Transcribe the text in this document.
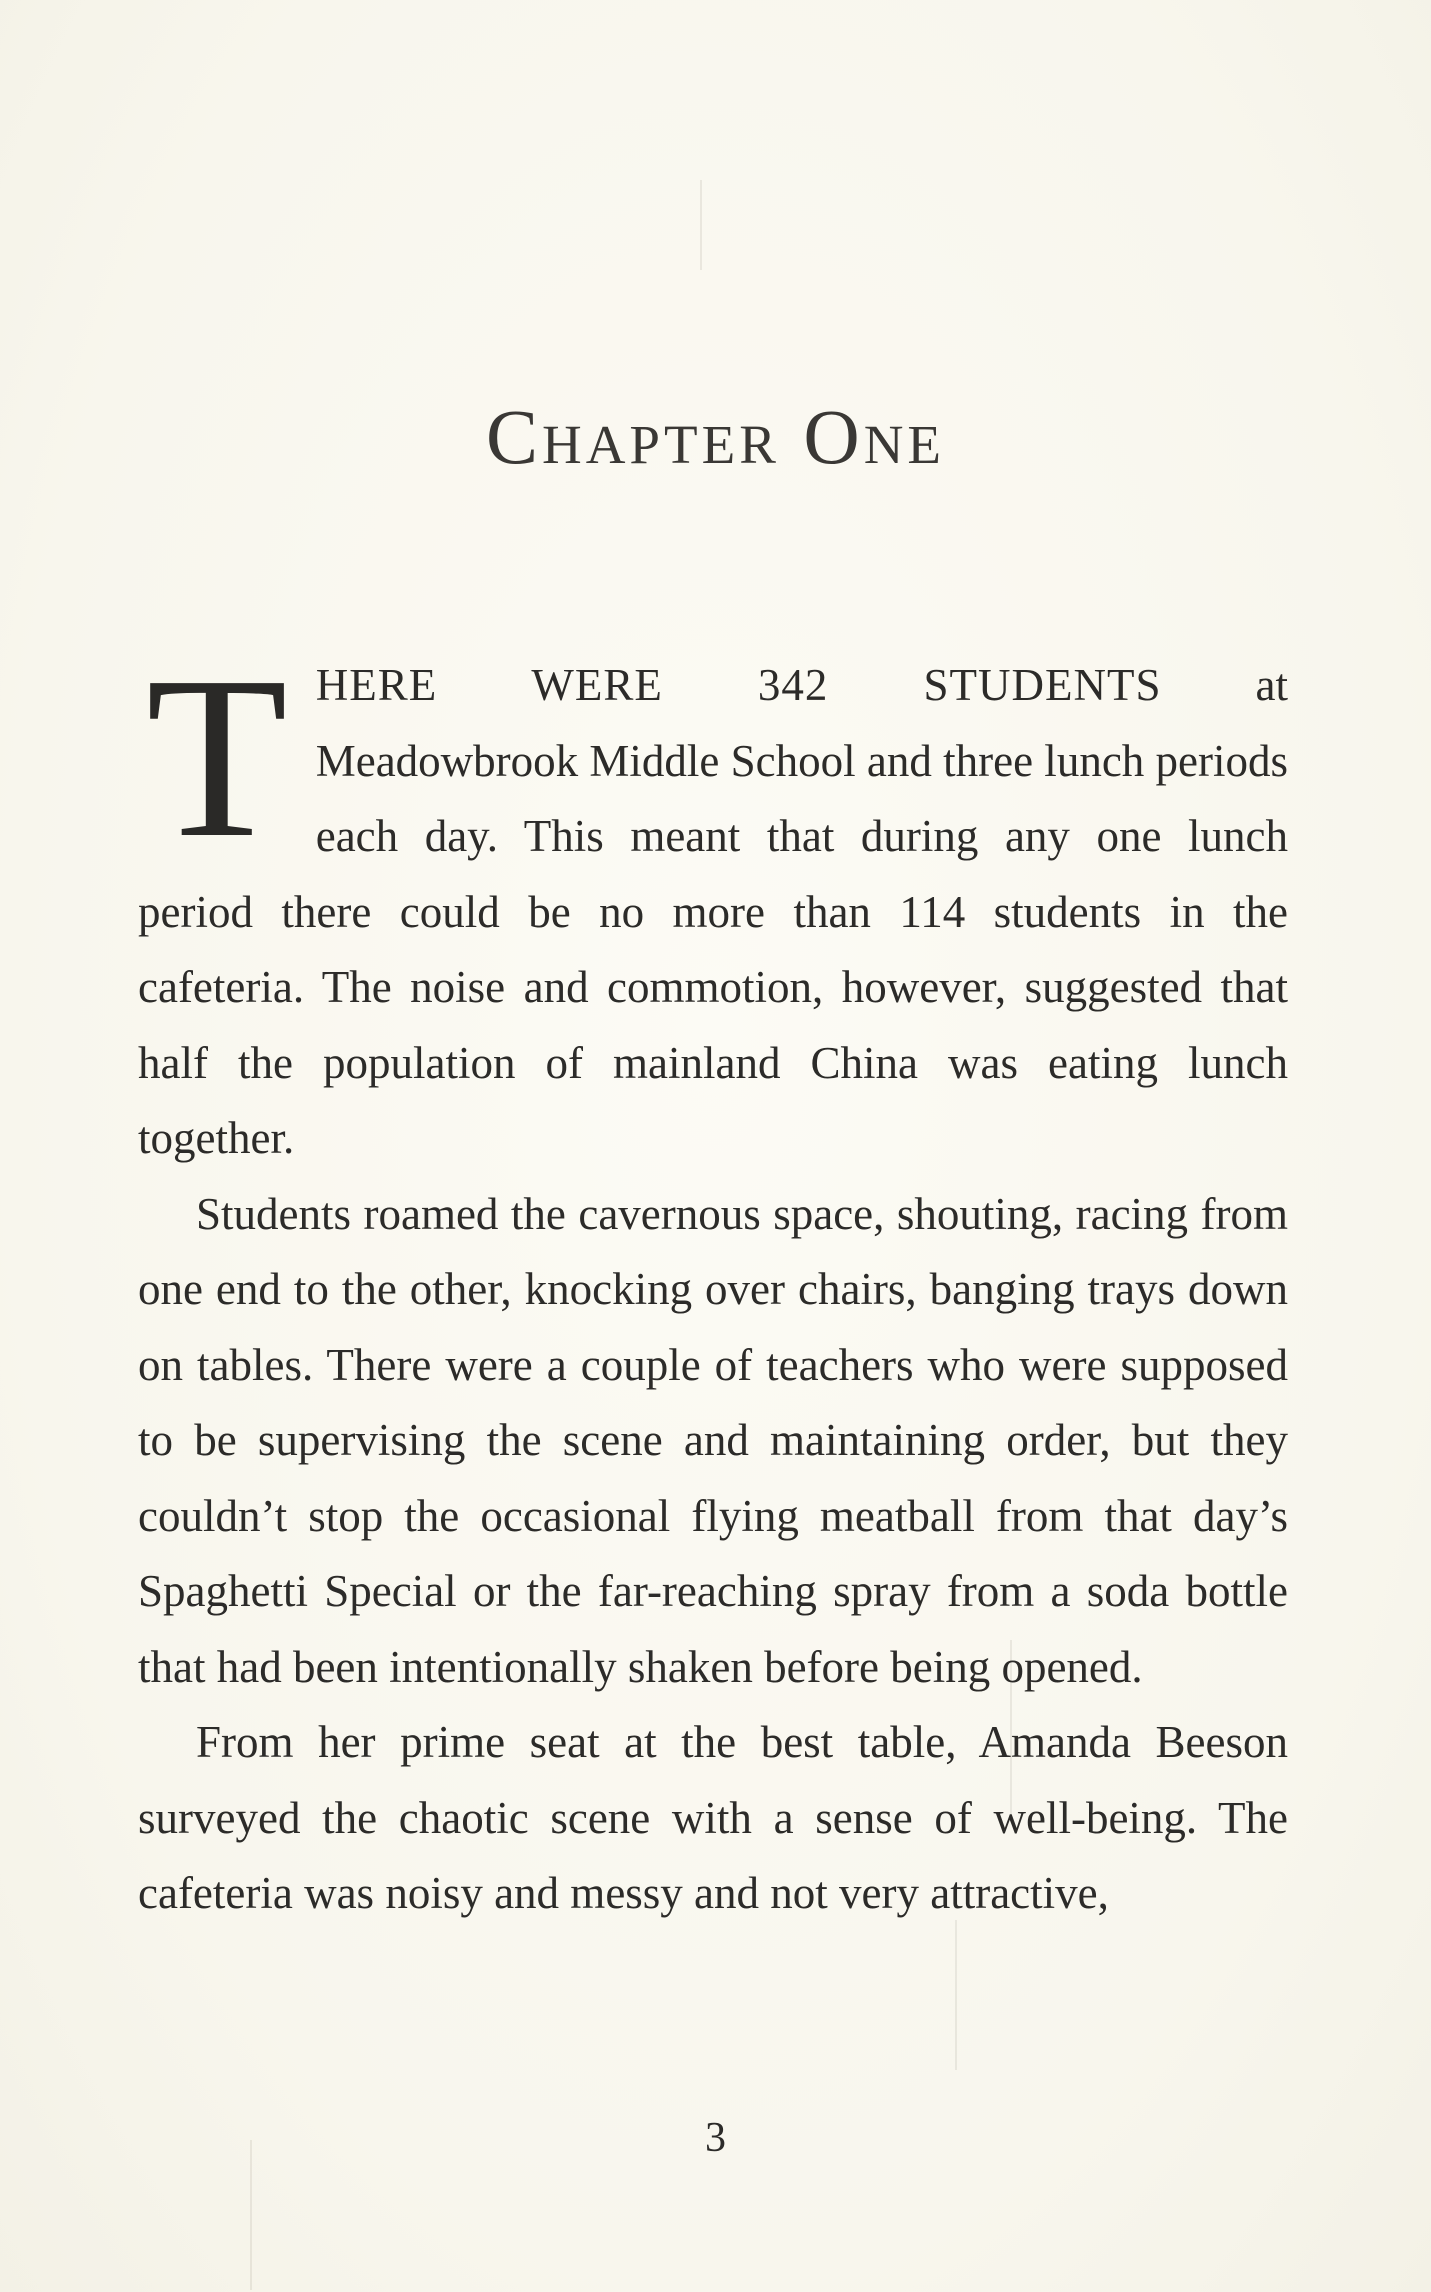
Chapter One

T HERE WERE 342 STUDENTS at
Meadowbrook Middle School and three lunch periods each day. This meant that during any one lunch period there could be no more than 114 students in the cafeteria. The noise and commotion, however, suggested that half the population of mainland China was eating lunch together.

Students roamed the cavernous space, shouting, racing from one end to the other, knocking over chairs, banging trays down on tables. There were a couple of teachers who were supposed to be supervising the scene and maintaining order, but they couldn’t stop the occasional flying meatball from that day’s Spaghetti Special or the far-reaching spray from a soda bottle that had been intentionally shaken before being opened.

From her prime seat at the best table, Amanda Beeson surveyed the chaotic scene with a sense of well-being. The cafeteria was noisy and messy and not very attractive,

3
